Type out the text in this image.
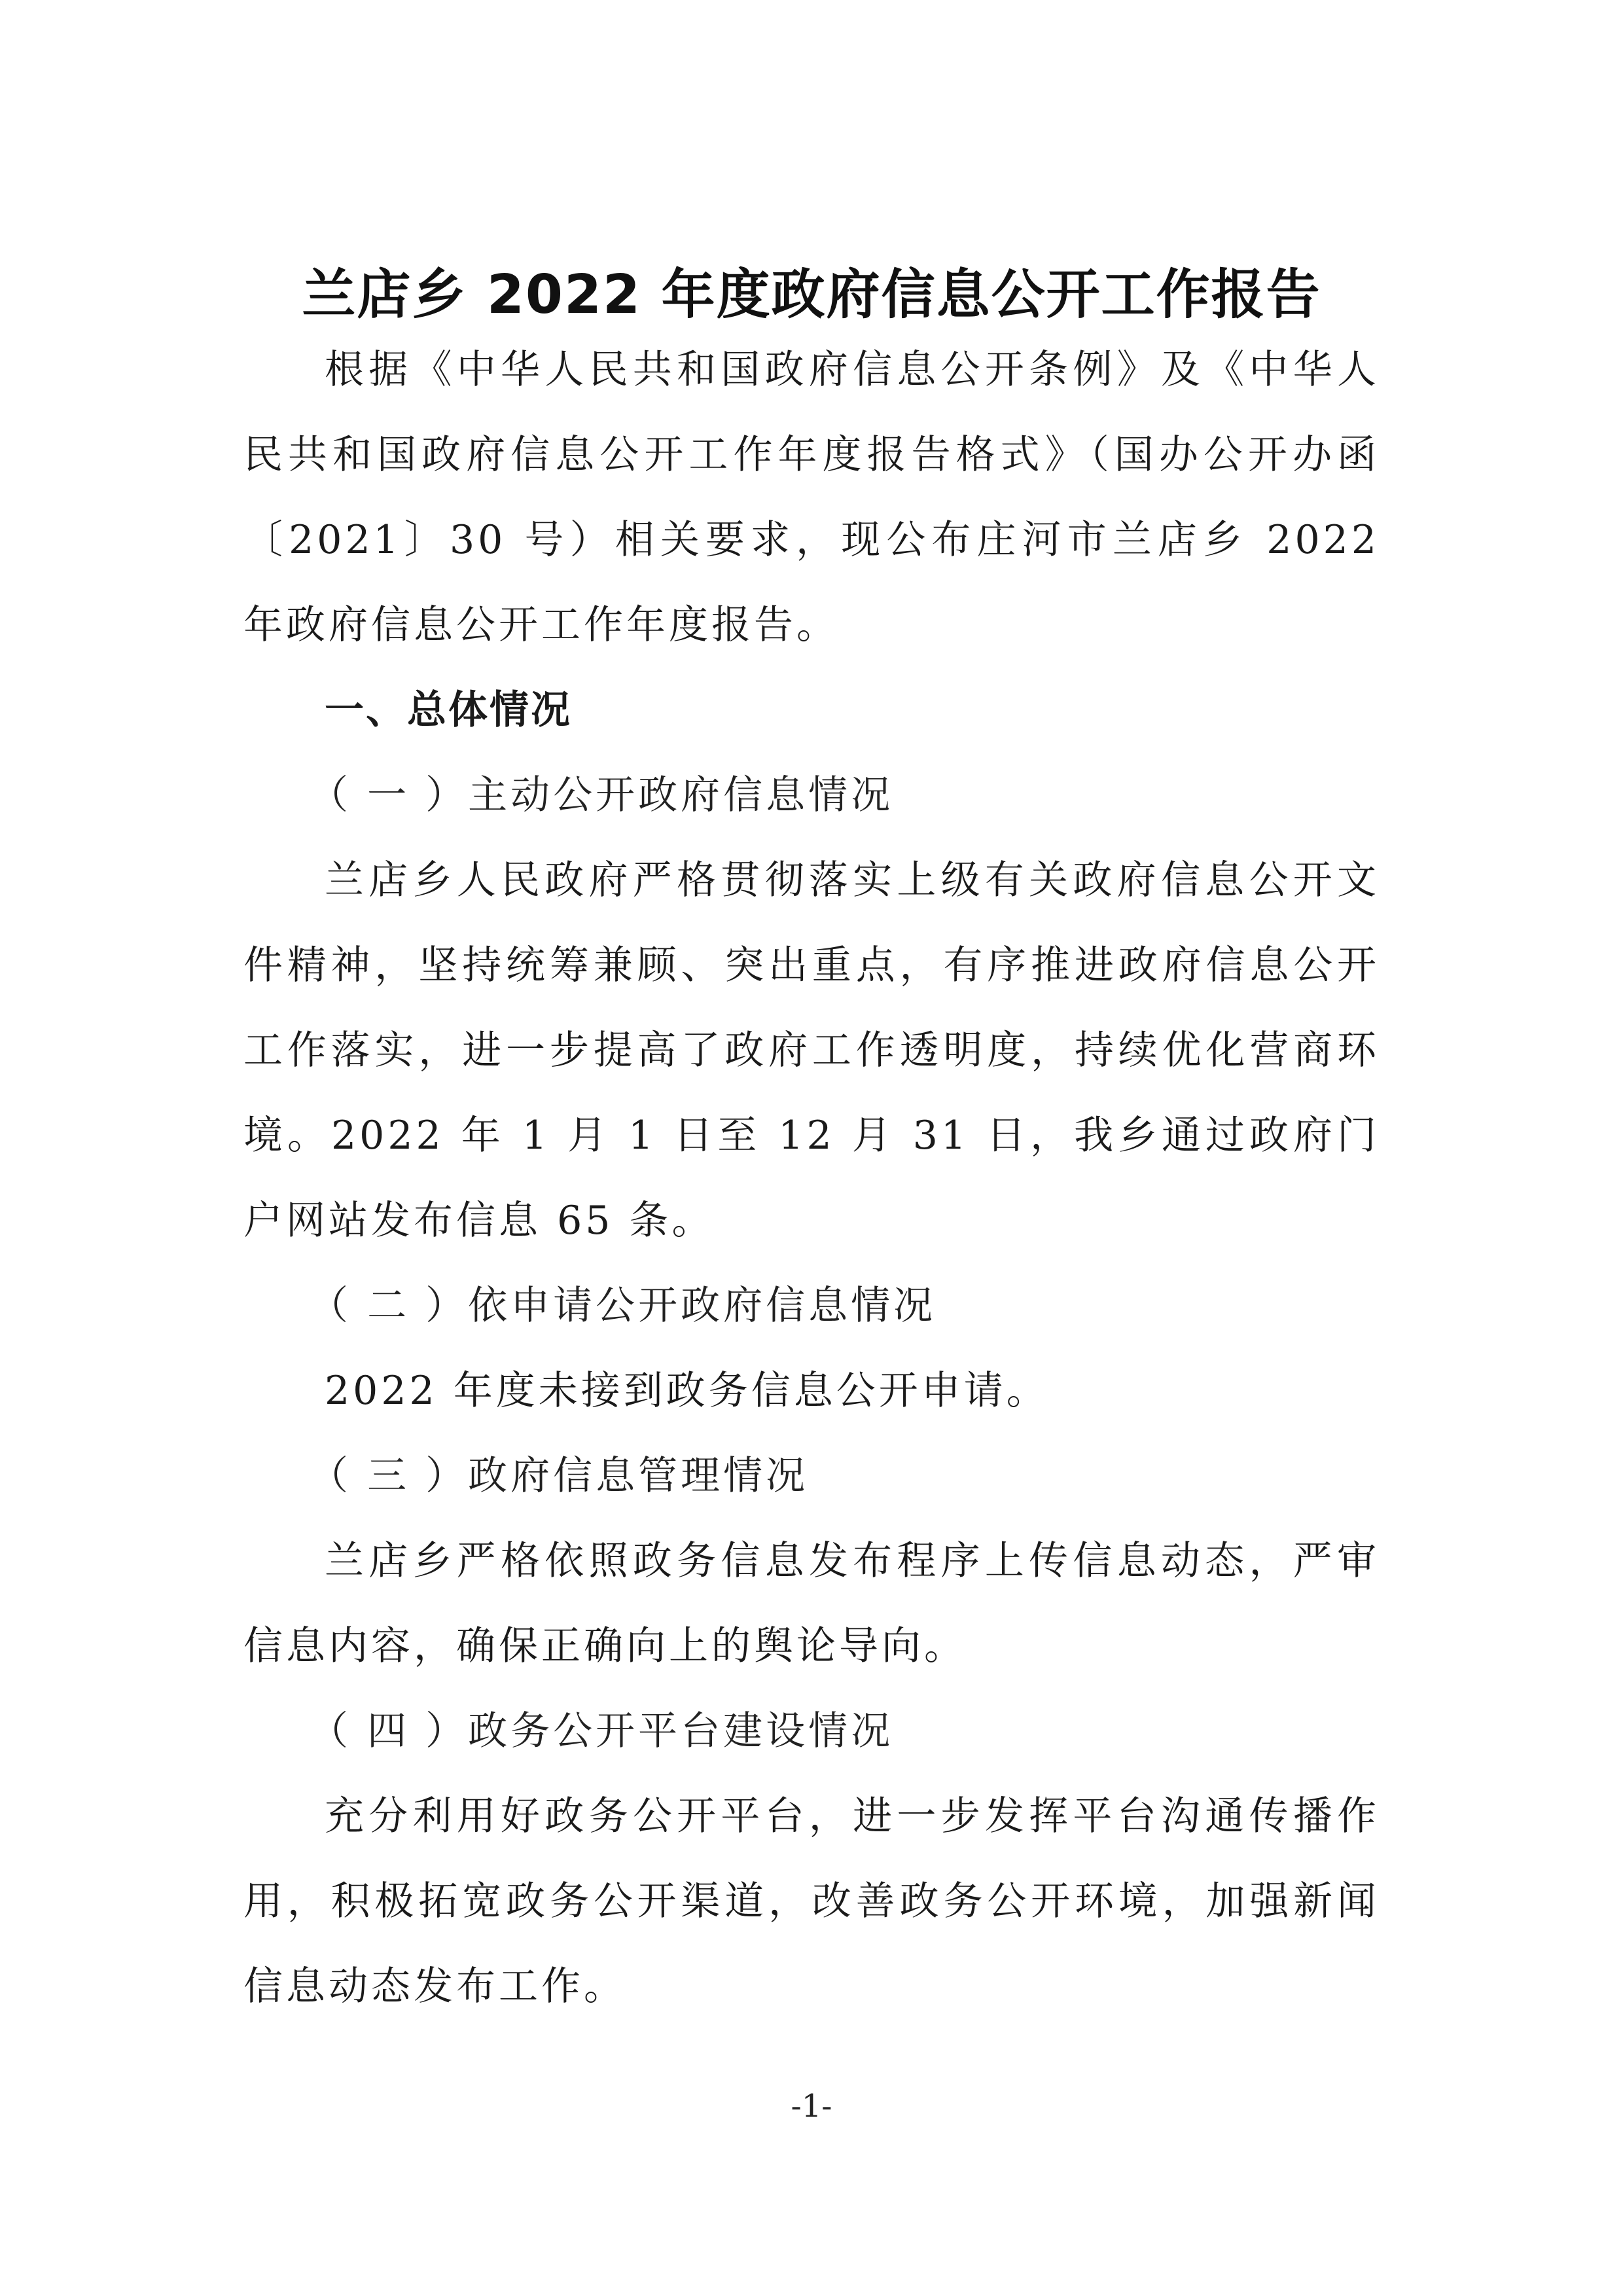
兰店乡 2022 年度政府信息公开工作报告

根据《中华人民共和国政府信息公开条例》及《中华人民共和国政府信息公开工作年度报告格式》（国办公开办函〔2021〕30 号）相关要求，现公布庄河市兰店乡 2022 年政府信息公开工作年度报告。

一、总体情况

（ 一 ）主动公开政府信息情况

兰店乡人民政府严格贯彻落实上级有关政府信息公开文件精神，坚持统筹兼顾、突出重点，有序推进政府信息公开工作落实，进一步提高了政府工作透明度，持续优化营商环境。2022 年 1 月 1 日至 12 月 31 日，我乡通过政府门户网站发布信息 65 条。

（ 二 ）依申请公开政府信息情况

2022 年度未接到政务信息公开申请。

（ 三 ）政府信息管理情况

兰店乡严格依照政务信息发布程序上传信息动态，严审信息内容，确保正确向上的舆论导向。

（ 四 ）政务公开平台建设情况

充分利用好政务公开平台，进一步发挥平台沟通传播作用，积极拓宽政务公开渠道，改善政务公开环境，加强新闻信息动态发布工作。

-1-
